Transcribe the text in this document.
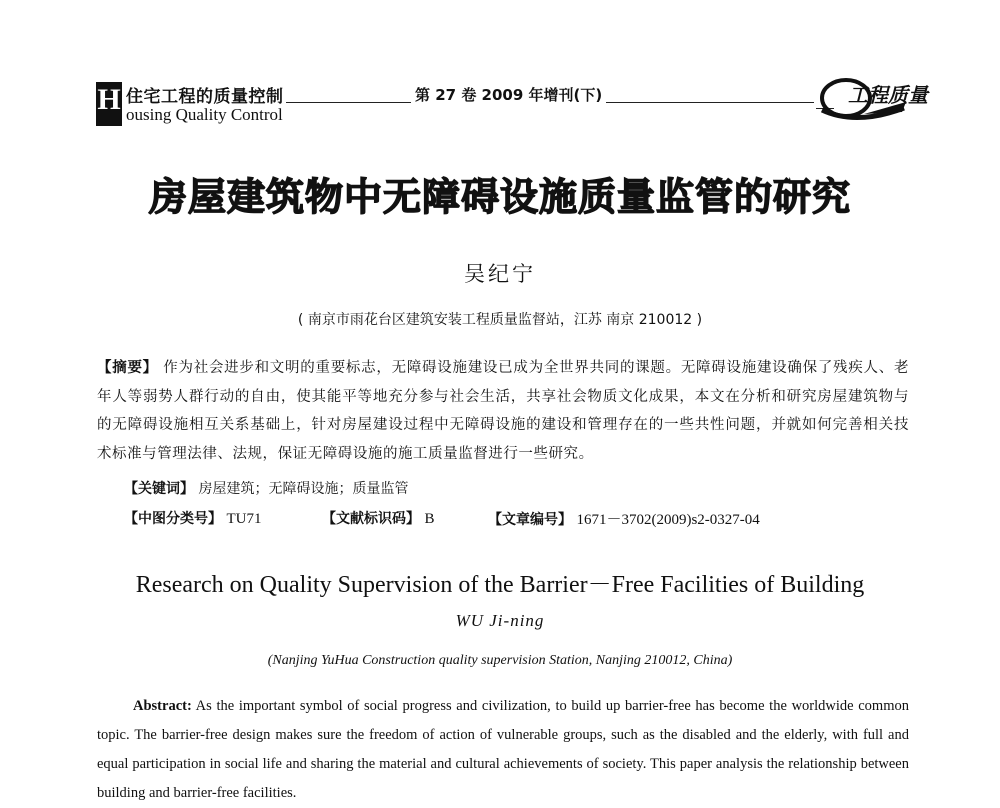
H 住宅工程的质量控制
ousing Quality Control
第 27 卷 2009 年增刊(下)	工程质量
房屋建筑物中无障碍设施质量监管的研究
吴纪宁
( 南京市雨花台区建筑安装工程质量监督站，江苏 南京 210012 )
【摘要】 作为社会进步和文明的重要标志，无障碍设施建设已成为全世界共同的课题。无障碍设施建设确保了残疾人、老年人等弱势人群行动的自由，使其能平等地充分参与社会生活，共享社会物质文化成果，本文在分析和研究房屋建筑物与的无障碍设施相互关系基础上，针对房屋建设过程中无障碍设施的建设和管理存在的一些共性问题，并就如何完善相关技术标准与管理法律、法规，保证无障碍设施的施工质量监督进行一些研究。
【关键词】 房屋建筑；无障碍设施；质量监管
【中图分类号】 TU71	【文献标识码】 B	【文章编号】 1671－3702(2009)s2-0327-04
Research on Quality Supervision of the Barrier－Free Facilities of Building
WU Ji-ning
(Nanjing YuHua Construction quality supervision Station, Nanjing 210012, China)
Abstract: As the important symbol of social progress and civilization, to build up barrier-free has become the worldwide common topic. The barrier-free design makes sure the freedom of action of vulnerable groups, such as the disabled and the elderly, with full and equal participation in social life and sharing the material and cultural achievements of society. This paper analysis the relationship between building and barrier-free facilities.
